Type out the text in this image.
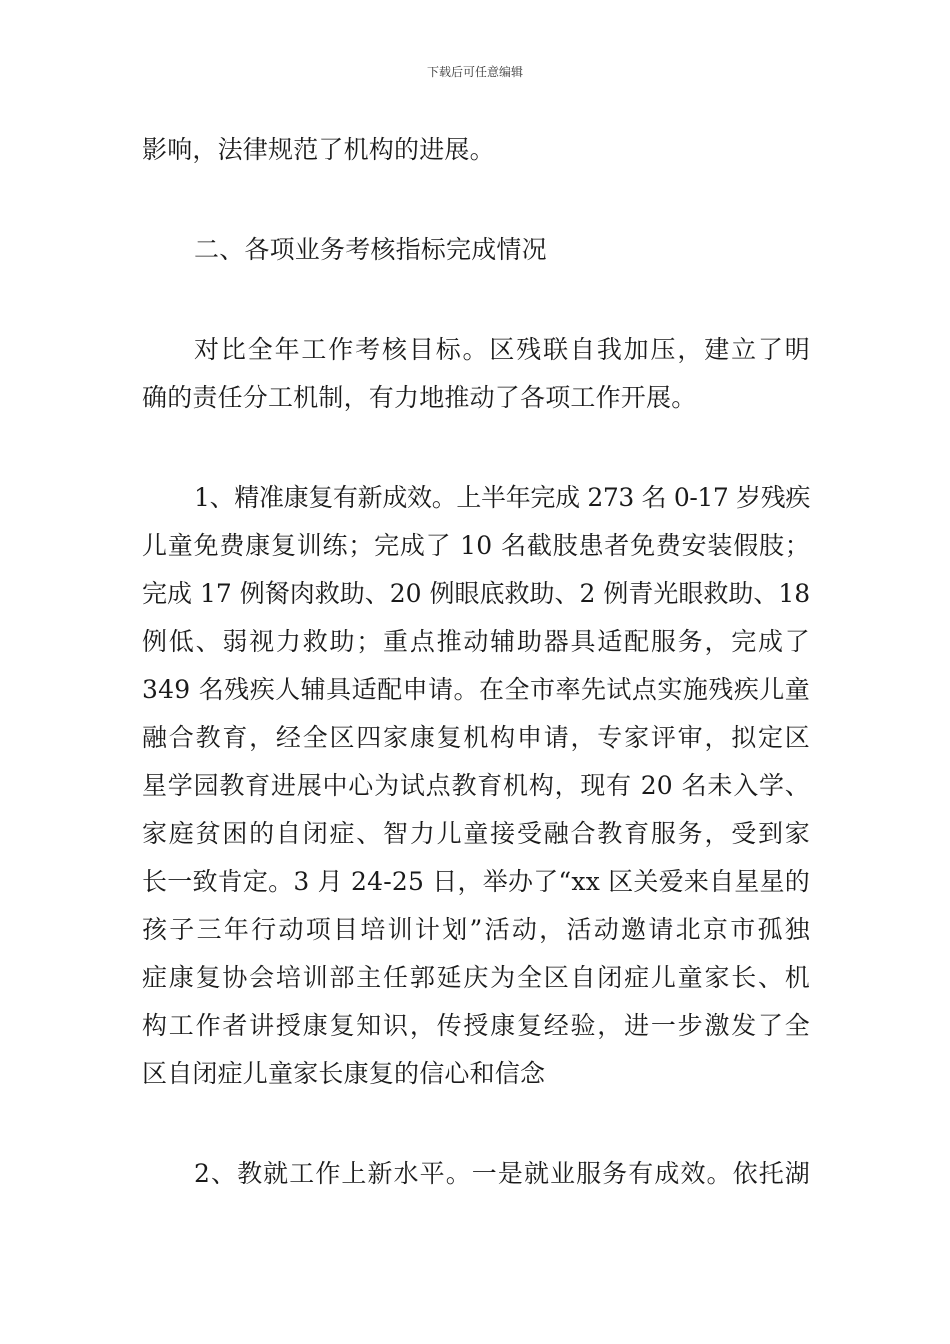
下载后可任意编辑
影响，法律规范了机构的进展。
二、各项业务考核指标完成情况
对比全年工作考核目标。区残联自我加压，建立了明
确的责任分工机制，有力地推动了各项工作开展。
1、精准康复有新成效。上半年完成 273 名 0-17 岁残疾
儿童免费康复训练；完成了 10 名截肢患者免费安装假肢；
完成 17 例胬肉救助、20 例眼底救助、2 例青光眼救助、18
例低、弱视力救助；重点推动辅助器具适配服务，完成了
349 名残疾人辅具适配申请。在全市率先试点实施残疾儿童
融合教育，经全区四家康复机构申请，专家评审，拟定区
星学园教育进展中心为试点教育机构，现有 20 名未入学、
家庭贫困的自闭症、智力儿童接受融合教育服务，受到家
长一致肯定。3 月 24-25 日，举办了“xx 区关爱来自星星的
孩子三年行动项目培训计划”活动，活动邀请北京市孤独
症康复协会培训部主任郭延庆为全区自闭症儿童家长、机
构工作者讲授康复知识，传授康复经验，进一步激发了全
区自闭症儿童家长康复的信心和信念
2、教就工作上新水平。一是就业服务有成效。依托湖
